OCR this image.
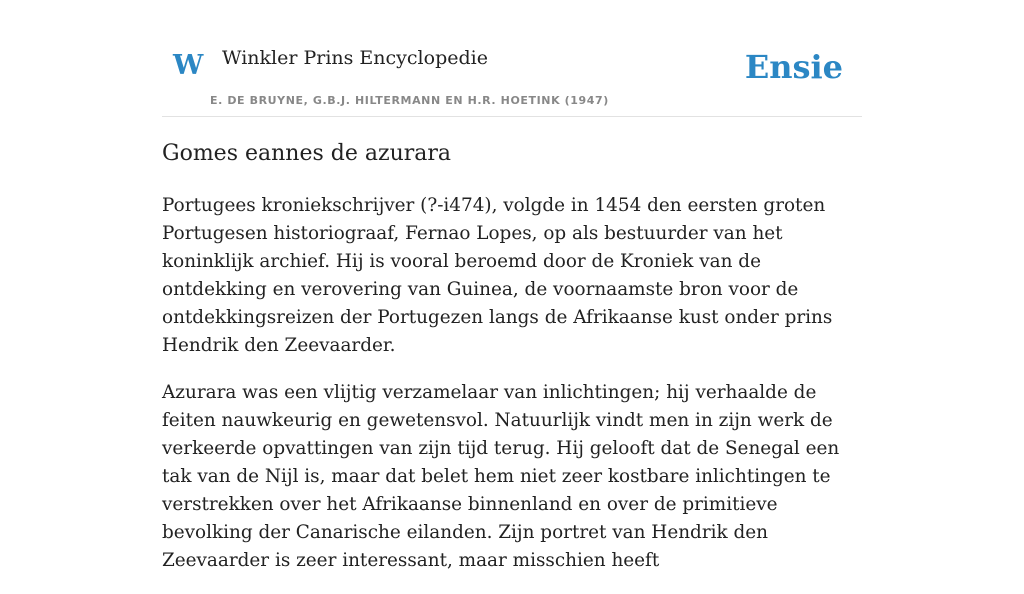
W Winkler Prins Encyclopedie
E. DE BRUYNE, G.B.J. HILTERMANN EN H.R. HOETINK (1947)
Ensie
Gomes eannes de azurara

Portugees kroniekschrijver (?-i474), volgde in 1454 den eersten groten Portugesen historiograaf, Fernao Lopes, op als bestuurder van het koninklijk archief. Hij is vooral beroemd door de Kroniek van de ontdekking en verovering van Guinea, de voornaamste bron voor de ontdekkingsreizen der Portugezen langs de Afrikaanse kust onder prins Hendrik den Zeevaarder.

Azurara was een vlijtig verzamelaar van inlichtingen; hij verhaalde de feiten nauwkeurig en gewetensvol. Natuurlijk vindt men in zijn werk de verkeerde opvattingen van zijn tijd terug. Hij gelooft dat de Senegal een tak van de Nijl is, maar dat belet hem niet zeer kostbare inlichtingen te verstrekken over het Afrikaanse binnenland en over de primitieve bevolking der Canarische eilanden. Zijn portret van Hendrik den Zeevaarder is zeer interessant, maar misschien heeft
